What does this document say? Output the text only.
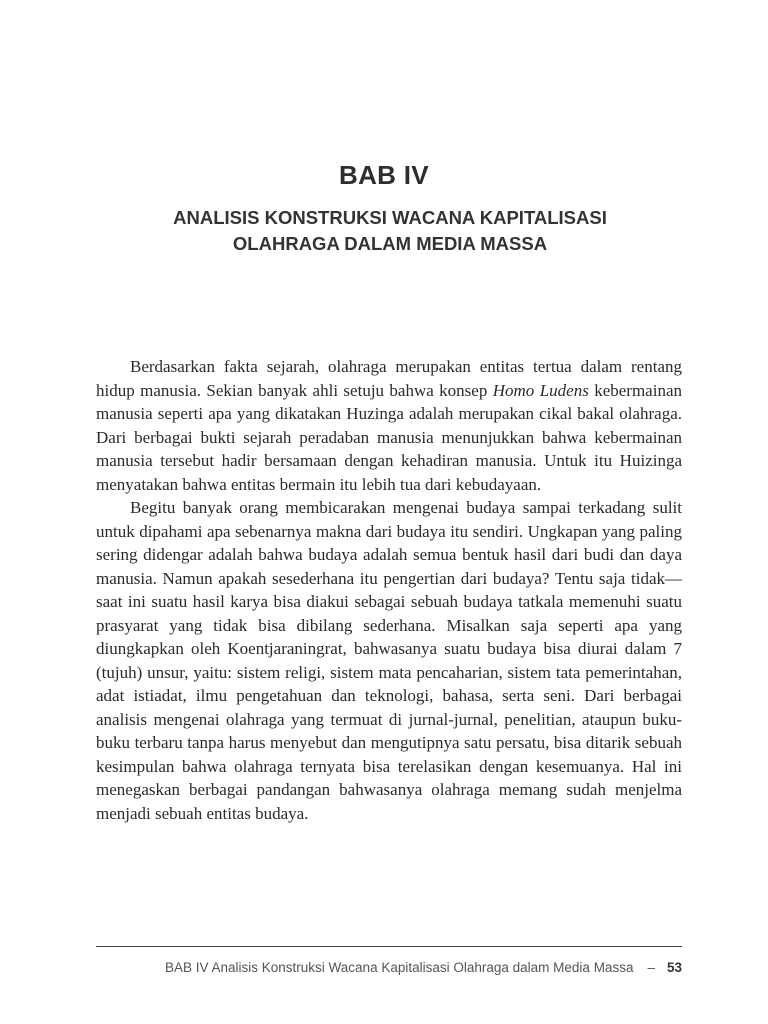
BAB IV
ANALISIS KONSTRUKSI WACANA KAPITALISASI
OLAHRAGA DALAM MEDIA MASSA

Berdasarkan fakta sejarah, olahraga merupakan entitas tertua dalam rentang hidup manusia. Sekian banyak ahli setuju bahwa konsep Homo Ludens kebermainan manusia seperti apa yang dikatakan Huzinga adalah merupakan cikal bakal olahraga. Dari berbagai bukti sejarah peradaban manusia menunjukkan bahwa kebermainan manusia tersebut hadir bersamaan dengan kehadiran manusia. Untuk itu Huizinga menyatakan bahwa entitas bermain itu lebih tua dari kebudayaan.

Begitu banyak orang membicarakan mengenai budaya sampai terkadang sulit untuk dipahami apa sebenarnya makna dari budaya itu sendiri. Ungkapan yang paling sering didengar adalah bahwa budaya adalah semua bentuk hasil dari budi dan daya manusia. Namun apakah sesederhana itu pengertian dari budaya? Tentu saja tidak—saat ini suatu hasil karya bisa diakui sebagai sebuah budaya tatkala memenuhi suatu prasyarat yang tidak bisa dibilang sederhana. Misalkan saja seperti apa yang diungkapkan oleh Koentjaraningrat, bahwasanya suatu budaya bisa diurai dalam 7 (tujuh) unsur, yaitu: sistem religi, sistem mata pencaharian, sistem tata pemerintahan, adat istiadat, ilmu pengetahuan dan teknologi, bahasa, serta seni. Dari berbagai analisis mengenai olahraga yang termuat di jurnal-jurnal, penelitian, ataupun buku-buku terbaru tanpa harus menyebut dan mengutipnya satu persatu, bisa ditarik sebuah kesimpulan bahwa olahraga ternyata bisa terelasikan dengan kesemuanya. Hal ini menegaskan berbagai pandangan bahwasanya olahraga memang sudah menjelma menjadi sebuah entitas budaya.

BAB IV Analisis Konstruksi Wacana Kapitalisasi Olahraga dalam Media Massa – 53
